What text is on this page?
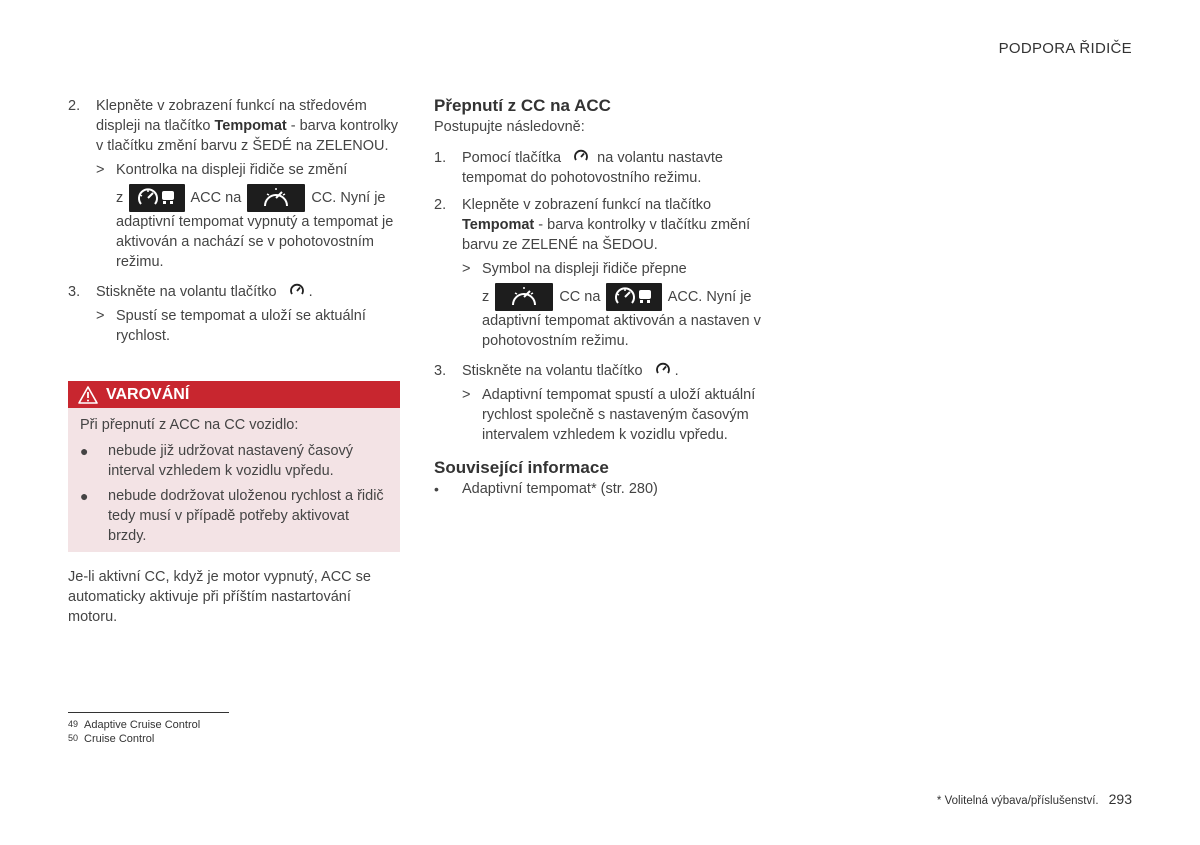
PODPORA ŘIDIČE
2. Klepněte v zobrazení funkcí na středovém displeji na tlačítko Tempomat - barva kontrolky v tlačítku změní barvu z ŠEDÉ na ZELENOU.
> Kontrolka na displeji řidiče se změní
z	ACC na	CC. Nyní je adaptivní tempomat vypnutý a tempomat je aktivován a nachází se v pohotovostním režimu.
3. Stiskněte na volantu tlačítko .
> Spustí se tempomat a uloží se aktuální rychlost.
VAROVÁNÍ
Při přepnutí z ACC na CC vozidlo:
● nebude již udržovat nastavený časový interval vzhledem k vozidlu vpředu.
● nebude dodržovat uloženou rychlost a řidič tedy musí v případě potřeby aktivovat brzdy.
Je-li aktivní CC, když je motor vypnutý, ACC se automaticky aktivuje při příštím nastartování motoru.
Přepnutí z CC na ACC
Postupujte následovně:
1. Pomocí tlačítka na volantu nastavte tempomat do pohotovostního režimu.
2. Klepněte v zobrazení funkcí na tlačítko Tempomat - barva kontrolky v tlačítku změní barvu ze ZELENÉ na ŠEDOU.
> Symbol na displeji řidiče přepne
z	CC na	ACC. Nyní je adaptivní tempomat aktivován a nastaven v pohotovostním režimu.
3. Stiskněte na volantu tlačítko .
> Adaptivní tempomat spustí a uloží aktuální rychlost společně s nastaveným časovým intervalem vzhledem k vozidlu vpředu.
Související informace
• Adaptivní tempomat* (str. 280)
$^{49}$ Adaptive Cruise Control
$^{50}$ Cruise Control
* Volitelná výbava/příslušenství. 293
